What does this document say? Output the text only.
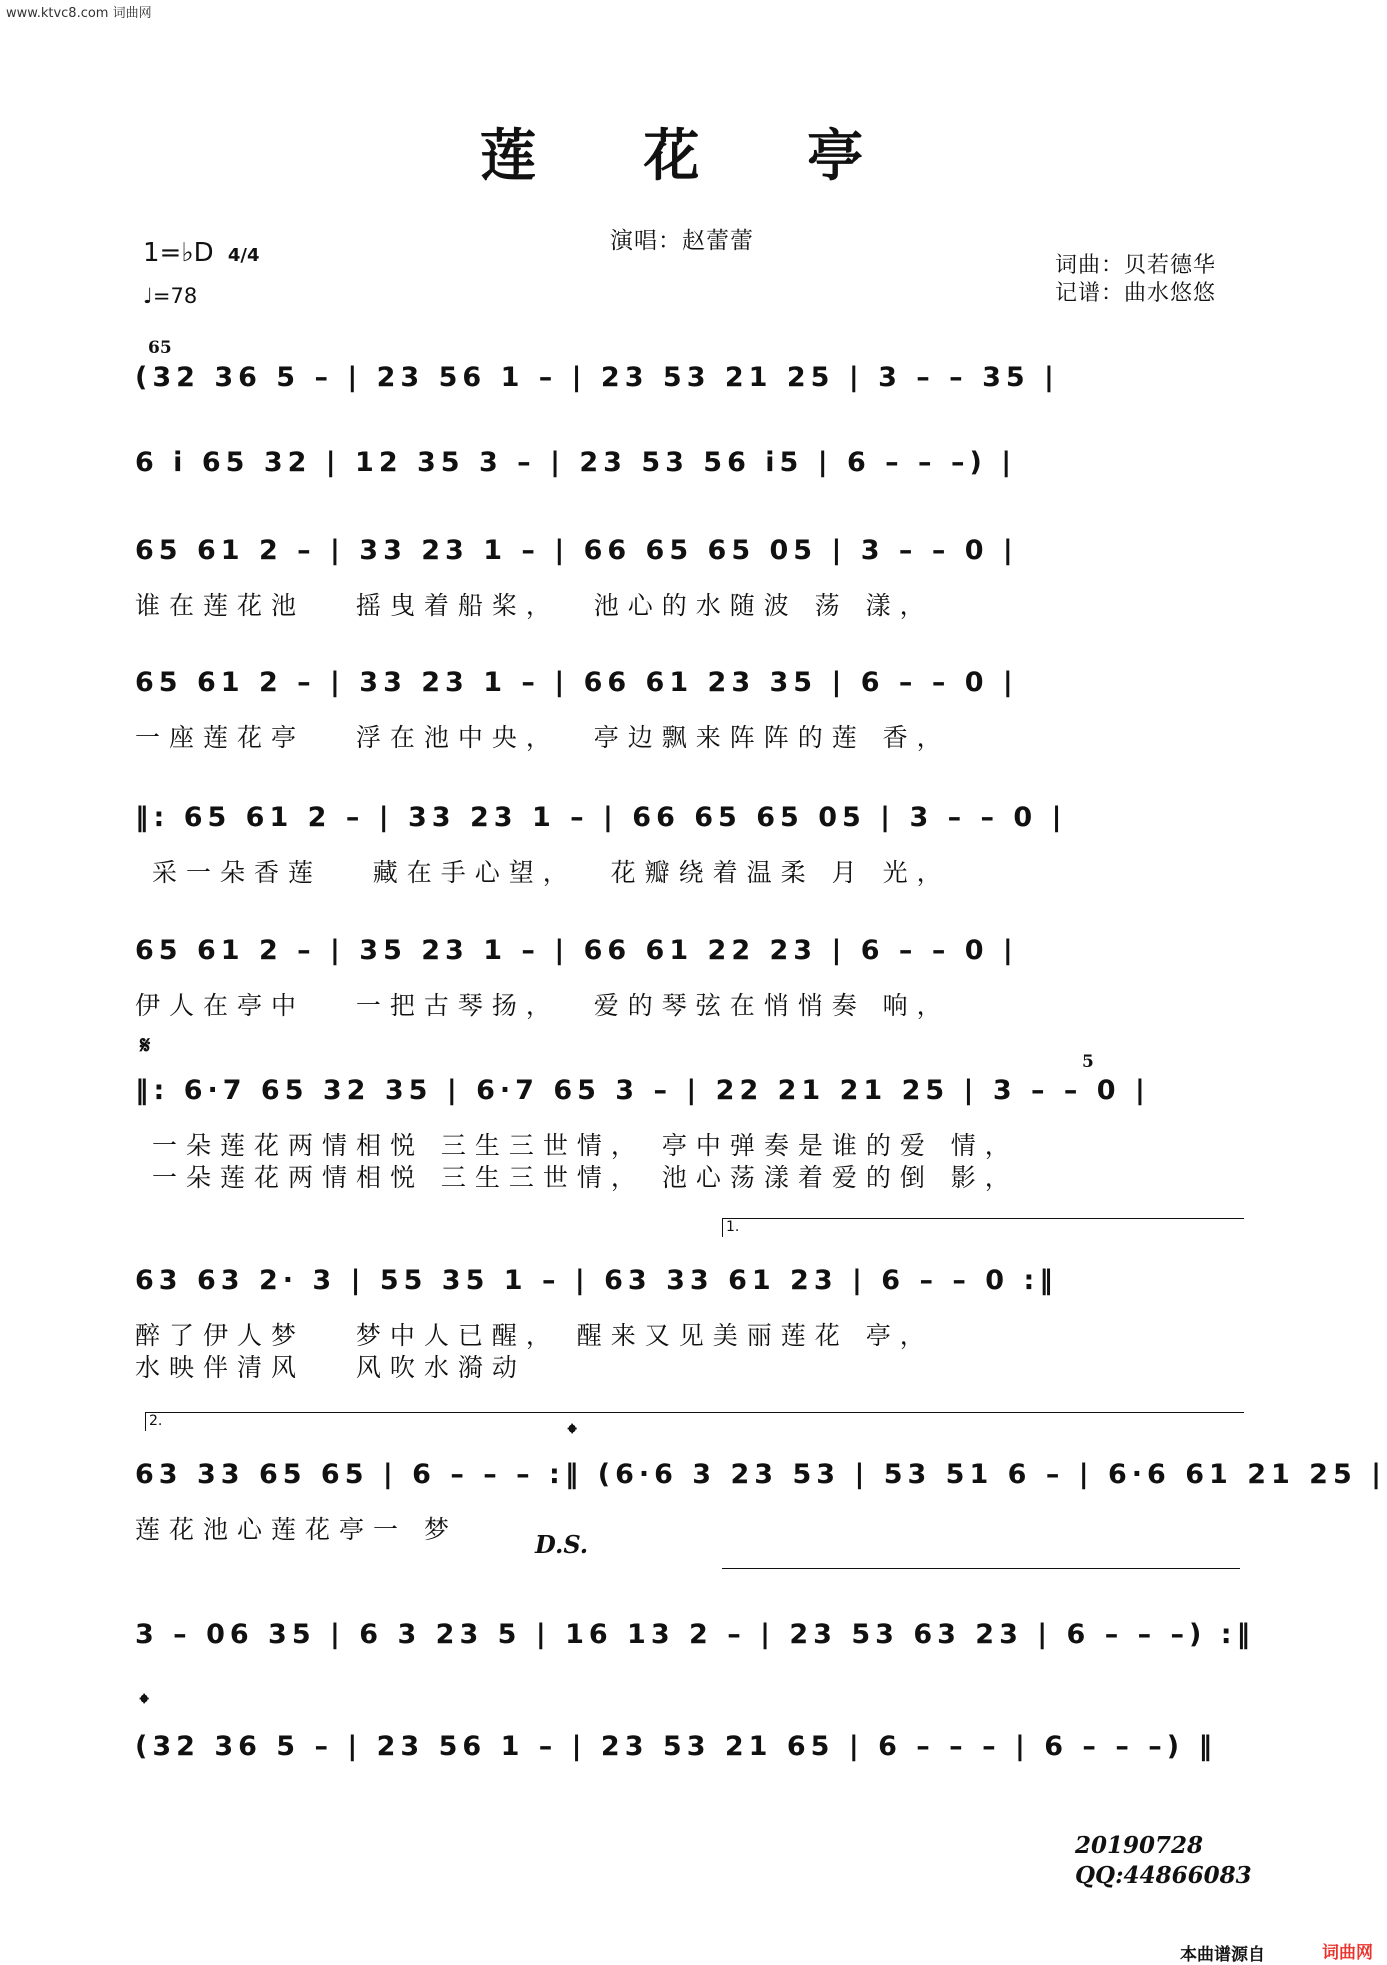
www.ktvc8.com 词曲网
莲 花 亭
演唱：赵蕾蕾
1=♭D 4/4
♩=78
词曲：贝若德华
记谱：曲水悠悠
65
5
(32 36 5 – | 23 56 1 – | 23 53 21 25 | 3 – – 35 |
6 i 65 32 | 12 35 3 – | 23 53 56 i5 | 6 – – –) |
65 61 2 – | 33 23 1 – | 66 65 65 05 | 3 – – 0 |
谁在莲花池   摇曳着船桨，  池心的水随波 荡 漾，
65 61 2 – | 33 23 1 – | 66 61 23 35 | 6 – – 0 |
一座莲花亭   浮在池中央，  亭边飘来阵阵的莲 香，
‖: 65 61 2 – | 33 23 1 – | 66 65 65 05 | 3 – – 0 |
采一朵香莲   藏在手心望，  花瓣绕着温柔 月 光，
65 61 2 – | 35 23 1 – | 66 61 22 23 | 6 – – 0 |
伊人在亭中   一把古琴扬，  爱的琴弦在悄悄奏 响，
𝄋
‖: 6·7 65 32 35 | 6·7 65 3 – | 22 21 21 25 | 3 – – 0 |
一朵莲花两情相悦 三生三世情， 亭中弹奏是谁的爱 情，
一朵莲花两情相悦 三生三世情， 池心荡漾着爱的倒 影，
1.
63 63 2· 3 | 55 35 1 – | 63 33 61 23 | 6 – – 0 :‖
醉了伊人梦   梦中人已醒， 醒来又见美丽莲花 亭，
水映伴清风   风吹水漪动
2.	𝄌
63 33 65 65 | 6 – – – :‖ (6·6 3 23 53 | 53 51 6 – | 6·6 61 21 25 |
莲花池心莲花亭一 梦
D.S.
3 – 06 35 | 6 3 23 5 | 16 13 2 – | 23 53 63 23 | 6 – – –) :‖
𝄌
(32 36 5 – | 23 56 1 – | 23 53 21 65 | 6 – – – | 6 – – –) ‖
20190728
QQ:44866083
本曲谱源自	词曲网
